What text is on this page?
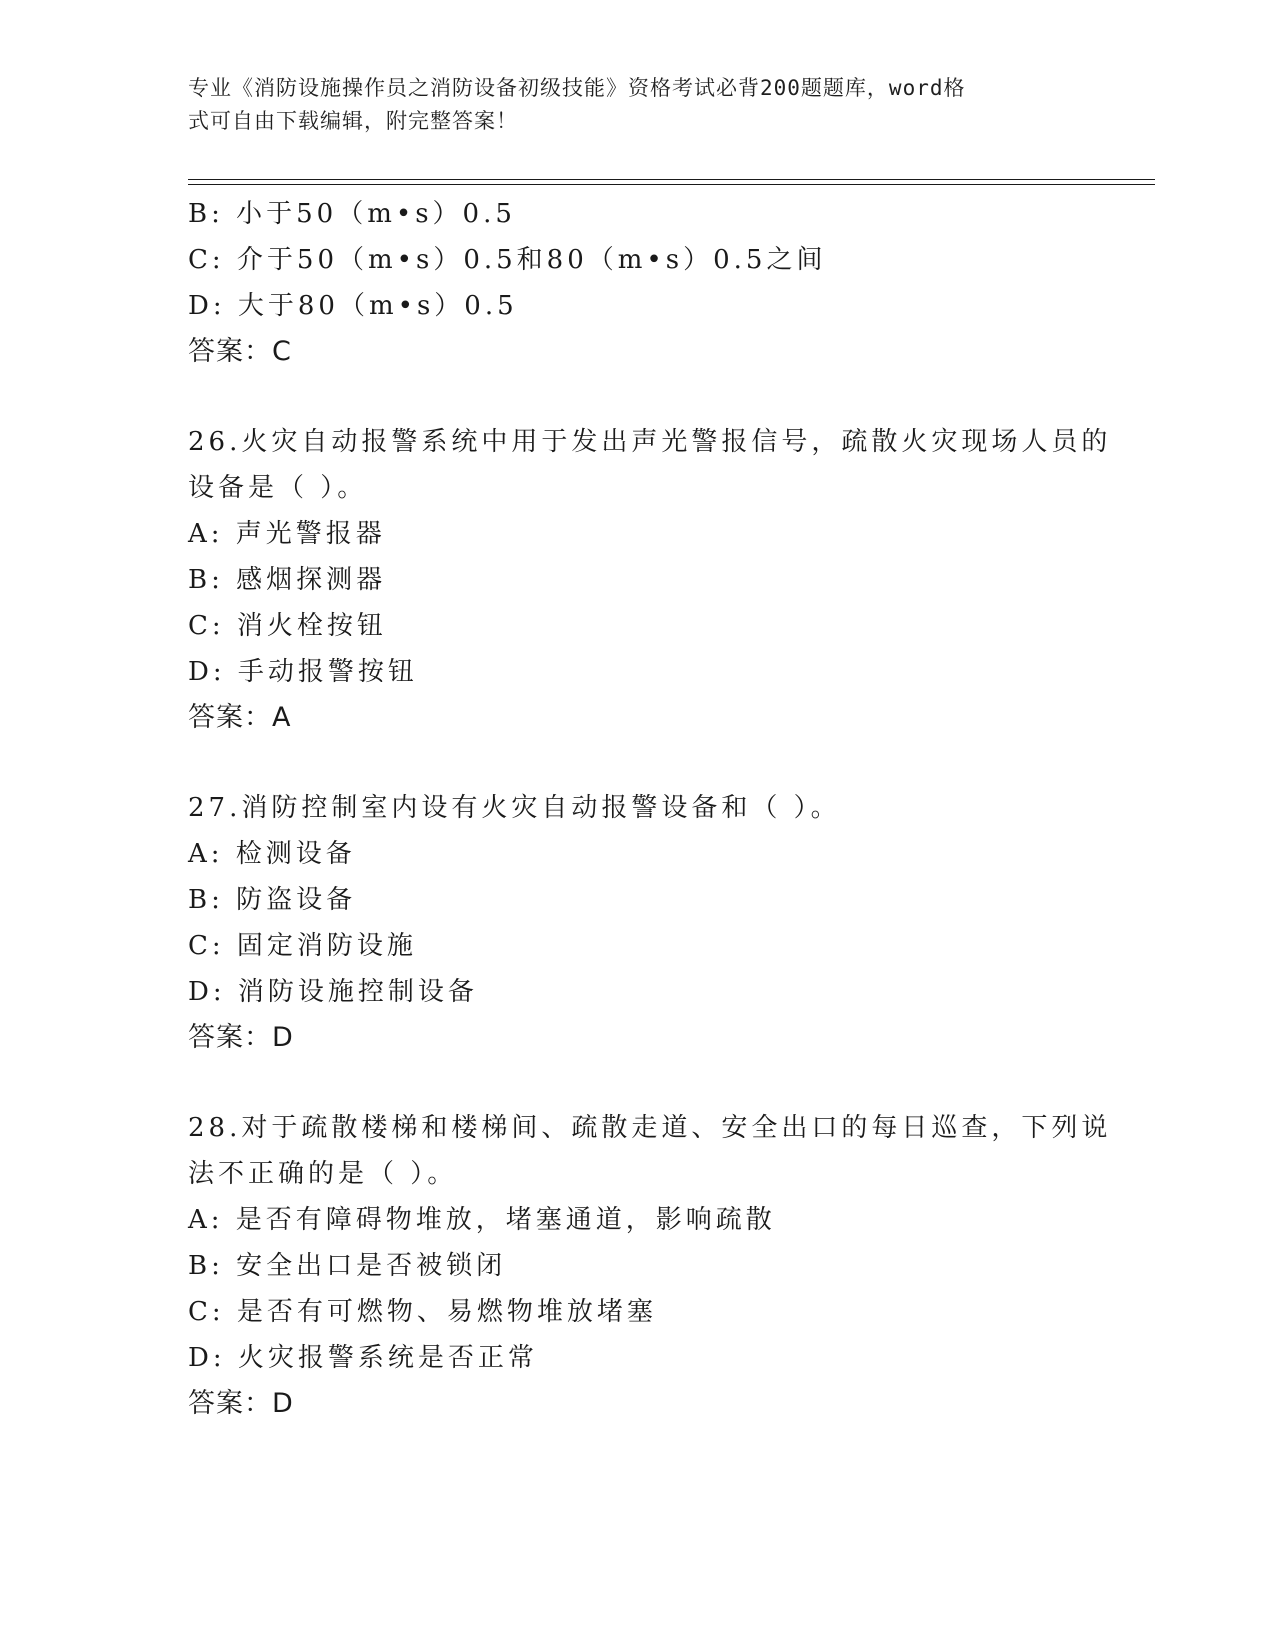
专业《消防设施操作员之消防设备初级技能》资格考试必背200题题库，word格
式可自由下载编辑，附完整答案！
B: 小于50（m•s）0.5
C: 介于50（m•s）0.5和80（m•s）0.5之间
D: 大于80（m•s）0.5
答案：C
26.火灾自动报警系统中用于发出声光警报信号，疏散火灾现场人员的
设备是（ ）。
A: 声光警报器
B: 感烟探测器
C: 消火栓按钮
D: 手动报警按钮
答案：A
27.消防控制室内设有火灾自动报警设备和（ ）。
A: 检测设备
B: 防盗设备
C: 固定消防设施
D: 消防设施控制设备
答案：D
28.对于疏散楼梯和楼梯间、疏散走道、安全出口的每日巡查，下列说
法不正确的是（ ）。
A: 是否有障碍物堆放，堵塞通道，影响疏散
B: 安全出口是否被锁闭
C: 是否有可燃物、易燃物堆放堵塞
D: 火灾报警系统是否正常
答案：D
